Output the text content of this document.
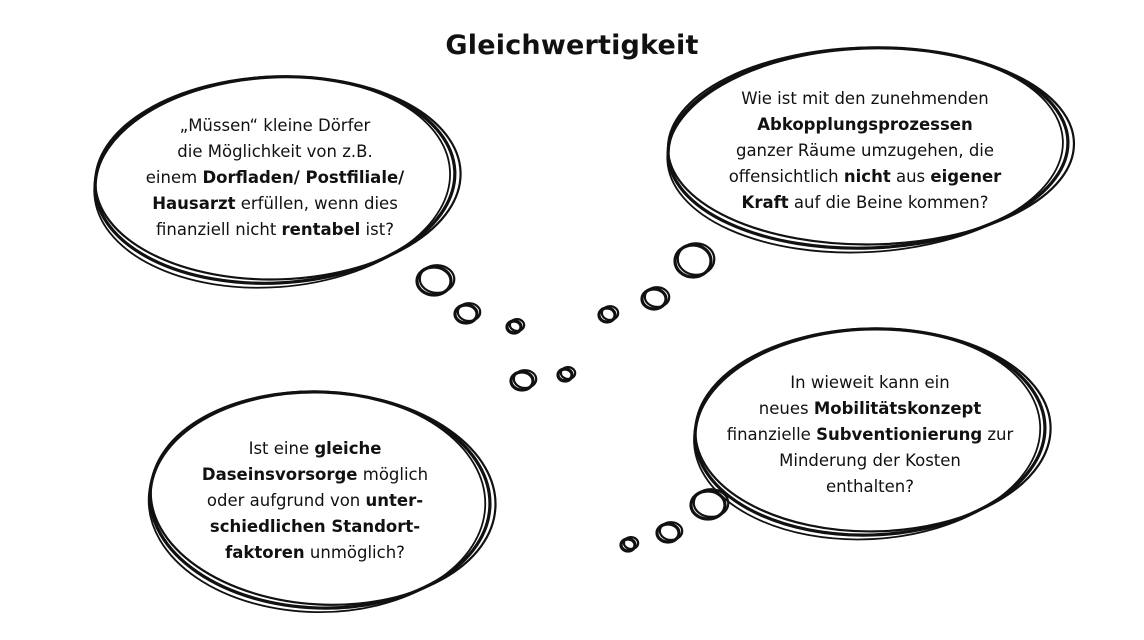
Gleichwertigkeit
„Müssen“ kleine Dörfer
die Möglichkeit von z.B.
einem Dorfladen/ Postfiliale/
Hausarzt erfüllen, wenn dies
finanziell nicht rentabel ist?
Wie ist mit den zunehmenden
Abkopplungsprozessen
ganzer Räume umzugehen, die
offensichtlich nicht aus eigener
Kraft auf die Beine kommen?
Ist eine gleiche
Daseinsvorsorge möglich
oder aufgrund von unter-
schiedlichen Standort-
faktoren unmöglich?
In wieweit kann ein
neues Mobilitätskonzept
finanzielle Subventionierung zur
Minderung der Kosten
enthalten?
